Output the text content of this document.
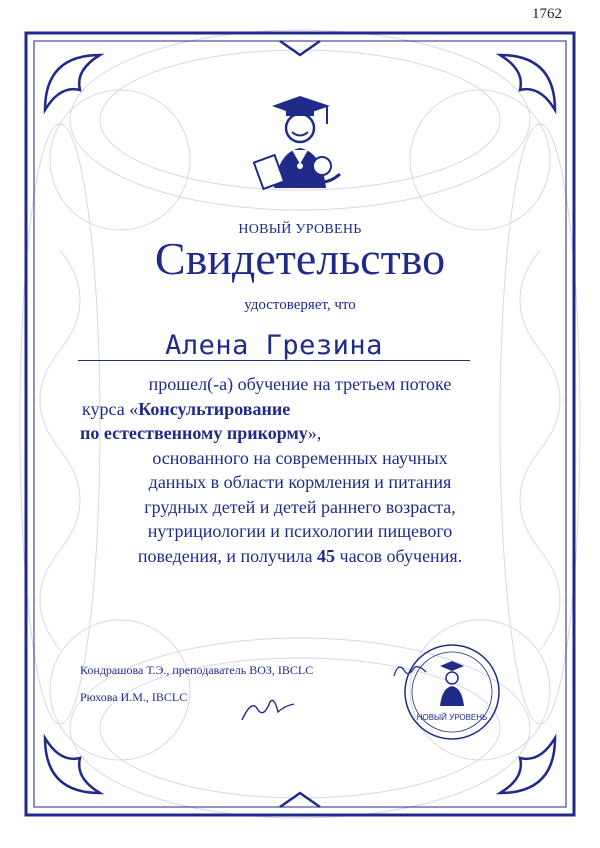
1762
НОВЫЙ УРОВЕНЬ
Свидетельство
удостоверяет, что
Алена Грезина
прошел(-а) обучение на третьем потоке

курса «Консультирование
по естественному прикорму»,
основанного на современных научных
данных в области кормления и питания
грудных детей и детей раннего возраста,
нутрициологии и психологии пищевого
поведения, и получила 45 часов обучения.
Кондрашова Т.Э., преподаватель ВОЗ, IBCLC
Рюхова И.М., IBCLC
НОВЫЙ УРОВЕНЬ
